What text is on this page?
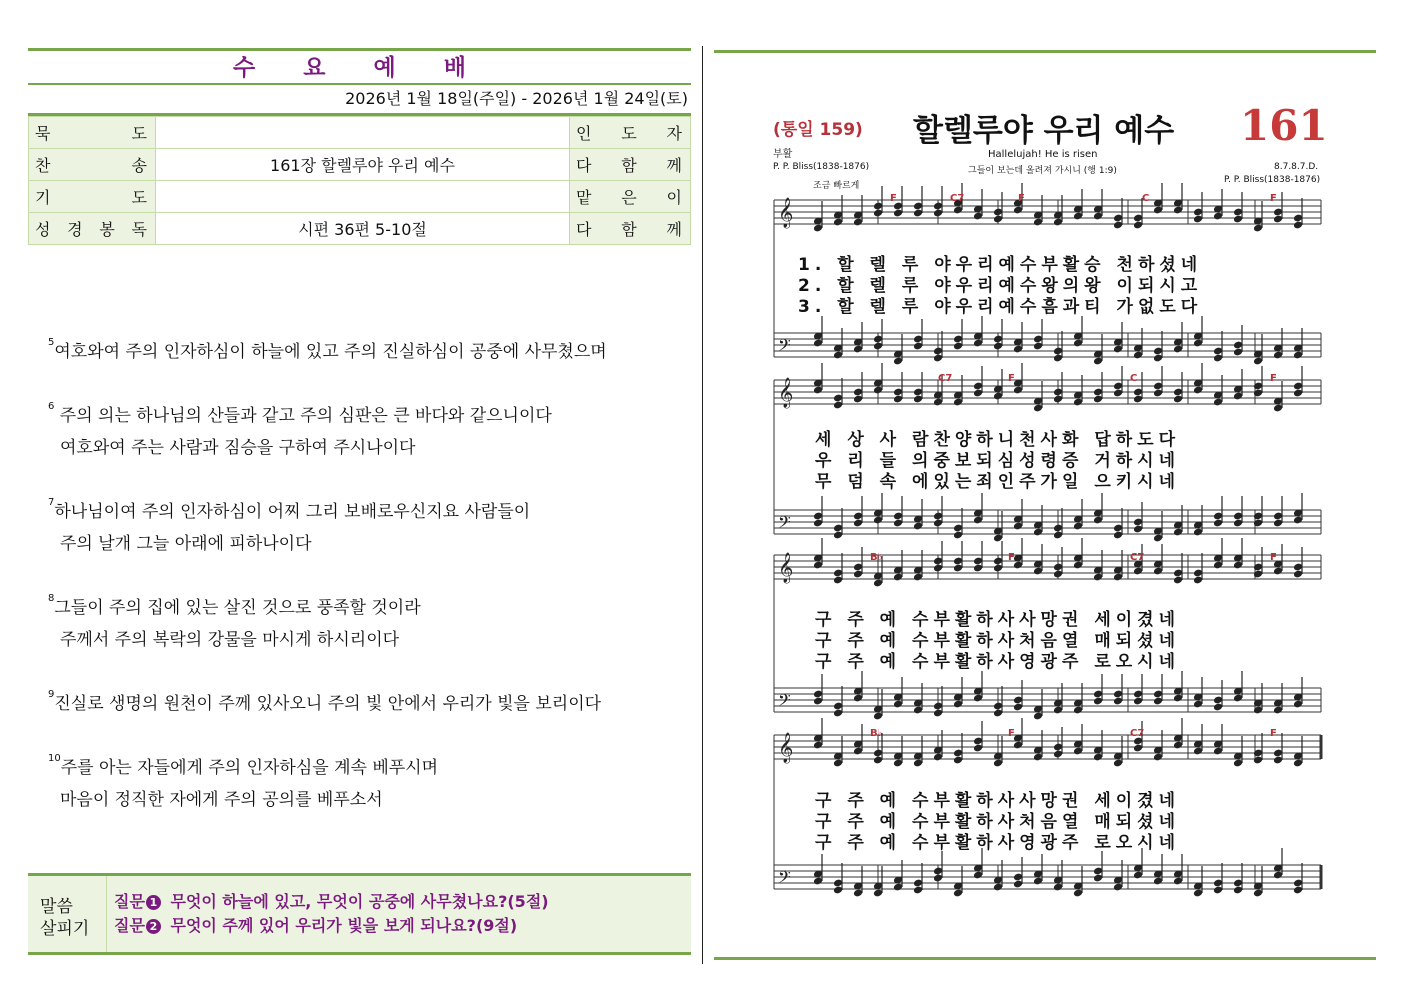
수 요 예 배
2026년 1월 18일(주일) - 2026년 1월 24일(토)
묵 도		인 도 자

찬 송	161장 할렐루야 우리 예수	다 함 께

기 도		맡 은 이

성 경 봉 독	시편 36편 5-10절	다 함 께
$^5$여호와여 주의 인자하심이 하늘에 있고 주의 진실하심이 공중에 사무쳤으며
$^6$ 주의 의는 하나님의 산들과 같고 주의 심판은 큰 바다와 같으니이다
여호와여 주는 사람과 짐승을 구하여 주시나이다
$^7$하나님이여 주의 인자하심이 어찌 그리 보배로우신지요 사람들이
주의 날개 그늘 아래에 피하나이다
$^8$그들이 주의 집에 있는 살진 것으로 풍족할 것이라
주께서 주의 복락의 강물을 마시게 하시리이다
$^9$진실로 생명의 원천이 주께 있사오니 주의 빛 안에서 우리가 빛을 보리이다
$^{10}$주를 아는 자들에게 주의 인자하심을 계속 베푸시며
마음이 정직한 자에게 주의 공의를 베푸소서
말 씀
살 피 기
질문 1 무엇이 하늘에 있고, 무엇이 공중에 사무쳤나요?(5절)
질문 2 무엇이 주께 있어 우리가 빛을 보게 되나요?(9절)
(통일 159) 할렐루야 우리 예수 161
부활
P. P. Bliss(1838-1876)
조금 빠르게
Hallelujah! He is risen
그들이 보는데 올려져 가시니 (행 1:9)	8.7.8.7.D.
P. P. Bliss(1838-1876)
𝄞
𝄢
𝄞
𝄢
𝄞
𝄢
𝄞
𝄢
F	C7	F	C	F
C7	F	C	F
B♭	F	C7	F
B♭	F	C7	F
1. 할 렐 루 야우리예수부활승 천하셨네
2. 할 렐 루 야우리예수왕의왕 이되시고
3. 할 렐 루 야우리예수흠과티 가없도다
세 상 사 람찬양하니천사화 답하도다
우 리 들 의중보되심성령증 거하시네
무 덤 속 에있는죄인주가일 으키시네
구 주 예 수부활하사사망권 세이겼네
구 주 예 수부활하사처음열 매되셨네
구 주 예 수부활하사영광주 로오시네
구 주 예 수부활하사사망권 세이겼네
구 주 예 수부활하사처음열 매되셨네
구 주 예 수부활하사영광주 로오시네
